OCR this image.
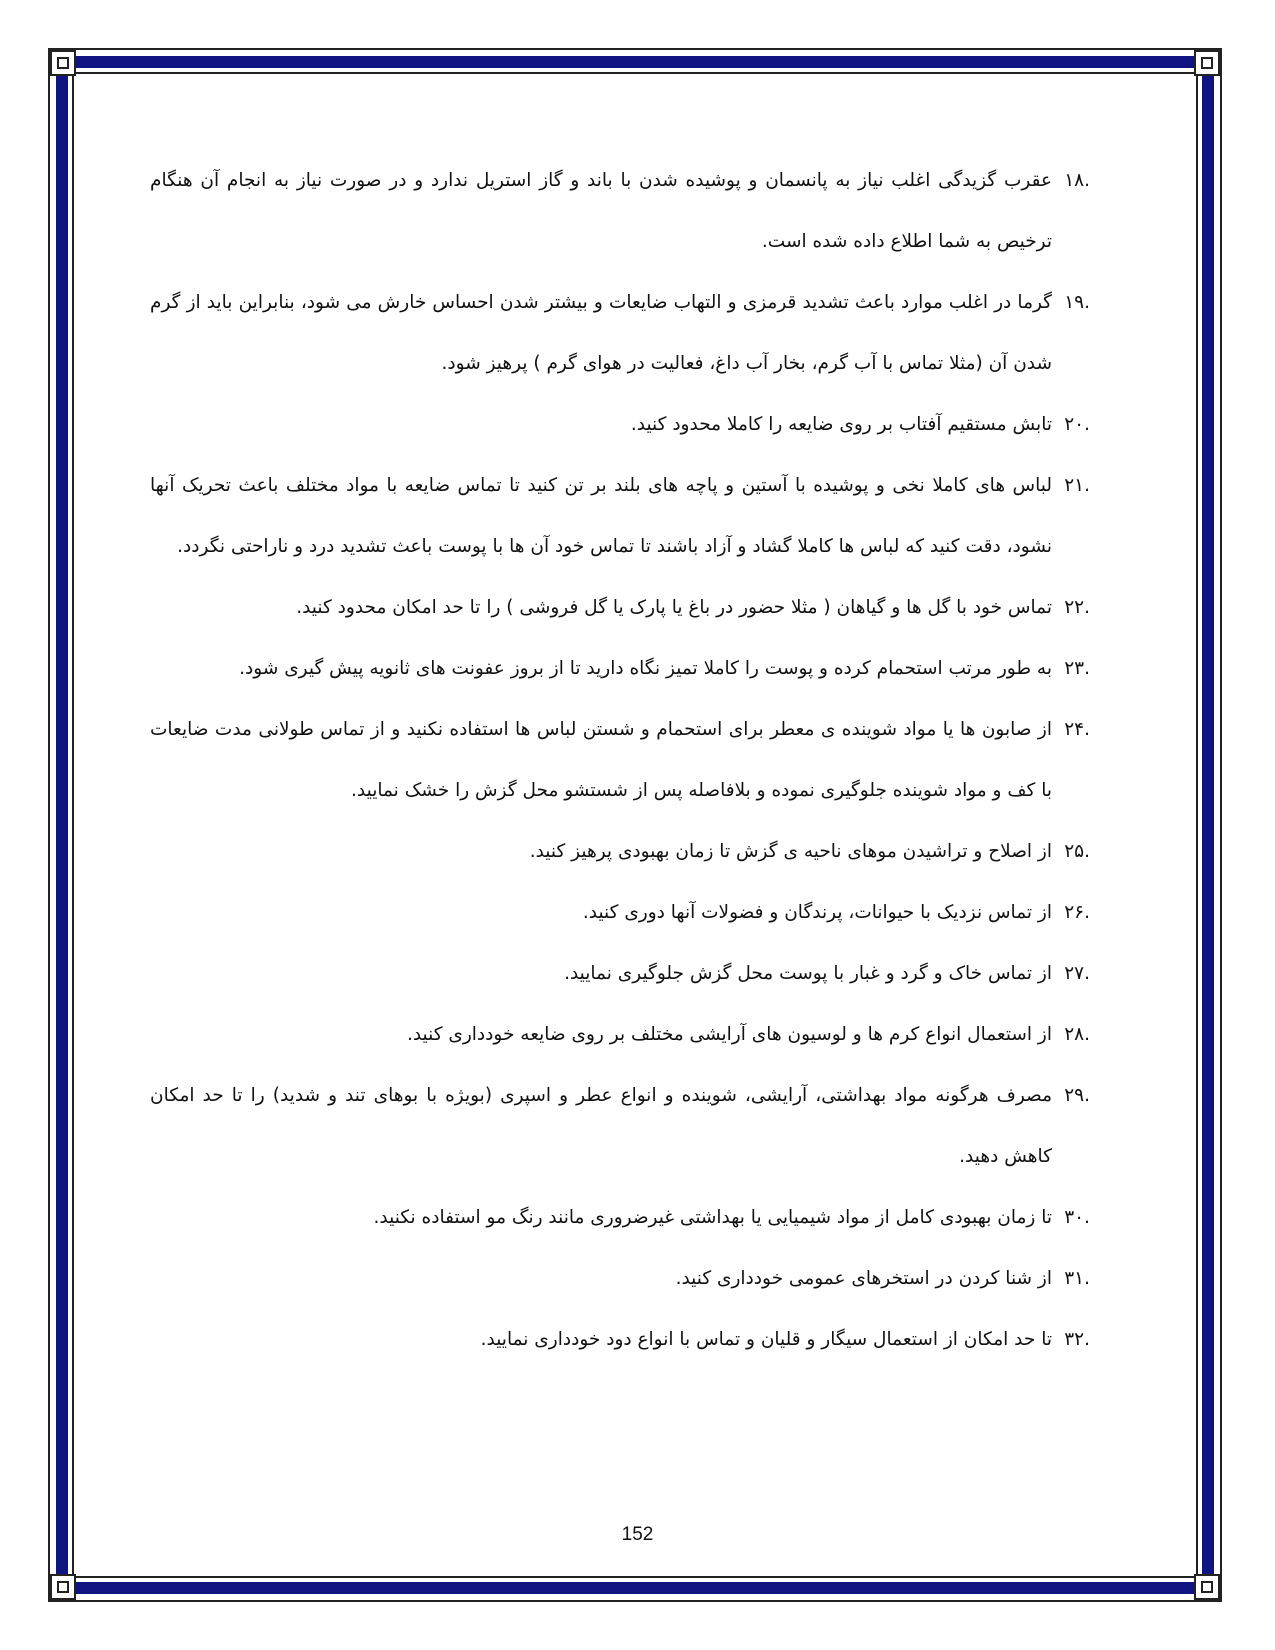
.۱۸
عقرب گزیدگی اغلب نیاز به پانسمان و پوشیده شدن با باند و گاز استریل ندارد و در صورت نیاز به انجام آن هنگام ترخیص به شما اطلاع داده شده است.
.۱۹
گرما در اغلب موارد باعث تشدید قرمزی و التهاب ضایعات و بیشتر شدن احساس خارش می شود، بنابراین باید از گرم شدن آن (مثلا تماس با آب گرم، بخار آب داغ، فعالیت در هوای گرم ) پرهیز شود.
.۲۰
تابش مستقیم آفتاب بر روی ضایعه را کاملا محدود کنید.
.۲۱
لباس های کاملا نخی و پوشیده با آستین و پاچه های بلند بر تن کنید تا تماس ضایعه با مواد مختلف باعث تحریک آنها نشود، دقت کنید که لباس ها کاملا گشاد و آزاد باشند تا تماس خود آن ها با پوست باعث تشدید درد و ناراحتی نگردد.
.۲۲
تماس خود با گل ها و گیاهان ( مثلا حضور در باغ یا پارک یا گل فروشی ) را تا حد امکان محدود کنید.
.۲۳
به طور مرتب استحمام کرده و پوست را کاملا تمیز نگاه دارید تا از بروز عفونت های ثانویه پیش گیری شود.
.۲۴
از صابون ها یا مواد شوینده ی معطر برای استحمام و شستن لباس ها استفاده نکنید و از تماس طولانی مدت ضایعات با کف و مواد شوینده جلوگیری نموده و بلافاصله پس از شستشو محل گزش را خشک نمایید.
.۲۵
از اصلاح و تراشیدن موهای ناحیه ی گزش تا زمان بهبودی پرهیز کنید.
.۲۶
از تماس نزدیک با حیوانات، پرندگان و فضولات آنها دوری کنید.
.۲۷
از تماس خاک و گرد و غبار با پوست محل گزش جلوگیری نمایید.
.۲۸
از استعمال انواع کرم ها و لوسیون های آرایشی مختلف بر روی ضایعه خودداری کنید.
.۲۹
مصرف هرگونه مواد بهداشتی، آرایشی، شوینده و انواع عطر و اسپری (بویژه با بوهای تند و شدید) را تا حد امکان کاهش دهید.
.۳۰
تا زمان بهبودی کامل از مواد شیمیایی یا بهداشتی غیرضروری مانند رنگ مو استفاده نکنید.
.۳۱
از شنا کردن در استخرهای عمومی خودداری کنید.
.۳۲
تا حد امکان از استعمال سیگار و قلیان و تماس با انواع دود خودداری نمایید.
152
